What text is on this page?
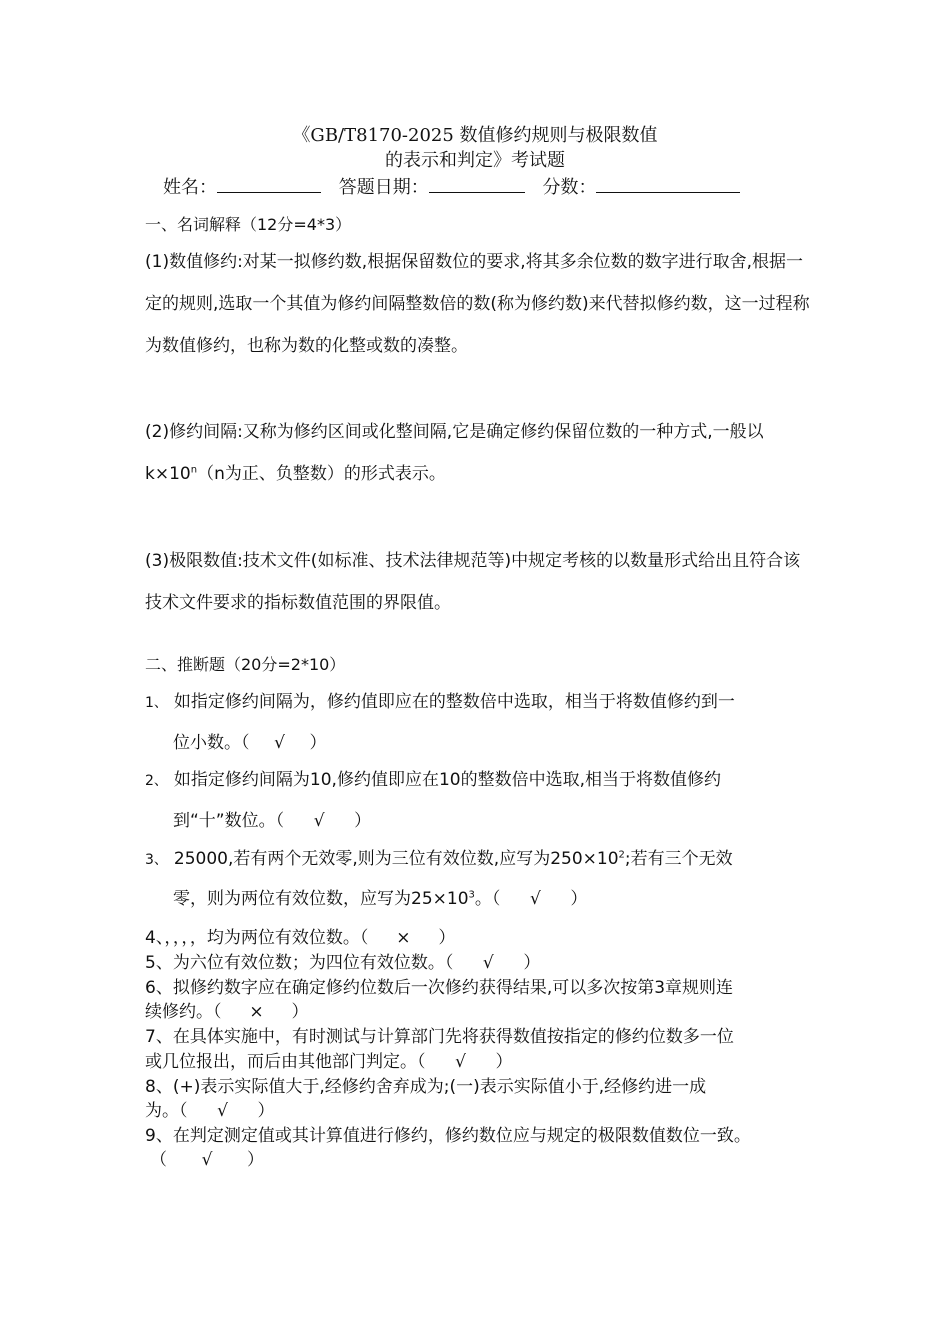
《GB/T8170-2025 数值修约规则与极限数值
的表示和判定》考试题
姓名：	答题日期：	分数：
一、名词解释（12分=4*3）
(1)数值修约:对某一拟修约数,根据保留数位的要求,将其多余位数的数字进行取舍,根据一定的规则,选取一个其值为修约间隔整数倍的数(称为修约数)来代替拟修约数，这一过程称为数值修约，也称为数的化整或数的凑整。
(2)修约间隔:又称为修约区间或化整间隔,它是确定修约保留位数的一种方式,一般以$k\times 10^n(n$为正、负整数）的形式表示。
(3)极限数值:技术文件(如标准、技术法律规范等)中规定考核的以数量形式给出且符合该技术文件要求的指标数值范围的界限值。
二、推断题（20分=2*10）
1、 如指定修约间隔为，修约值即应在的整数倍中选取，相当于将数值修约到一
位小数。（ √ ）
2、 如指定修约间隔为10,修约值即应在10的整数倍中选取,相当于将数值修约
到“十”数位。（ √ ）
3、 25000,若有两个无效零,则为三位有效位数,应写为$250\times 10^2$;若有三个无效
零，则为两位有效位数，应写为$25\times 10^3$。（ √ ）
4、，，，，均为两位有效位数。（ × ）
5、为六位有效位数；为四位有效位数。（ √ ）
6、拟修约数字应在确定修约位数后一次修约获得结果,可以多次按第3章规则连
续修约。（ × ）
7、在具体实施中，有时测试与计算部门先将获得数值按指定的修约位数多一位
或几位报出，而后由其他部门判定。（ √ ）
8、(+)表示实际值大于,经修约舍弃成为;(一)表示实际值小于,经修约进一成
为。（ √ ）
9、在判定测定值或其计算值进行修约，修约数位应与规定的极限数值数位一致。
（ √ ）
